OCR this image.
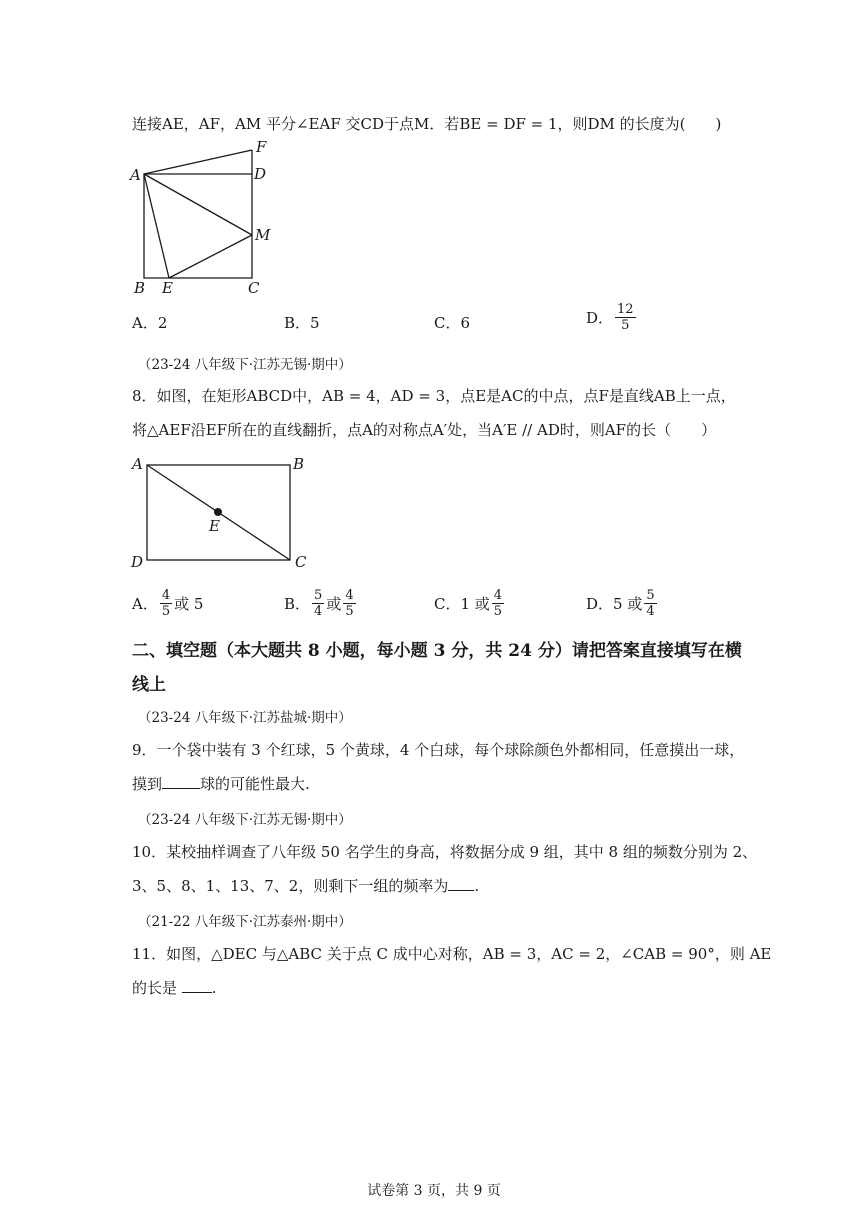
连接AE，AF，AM 平分∠EAF 交CD于点M．若BE = DF = 1，则DM 的长度为(　　)
A
F
D
M
B E	C
A． 2	B． 5	C． 6	D． $\frac{12}{5}$
（23-24 八年级下·江苏无锡·期中）
8．如图，在矩形ABCD中，AB = 4，AD = 3，点E是AC的中点，点F是直线AB上一点，
将△AEF沿EF所在的直线翻折，点A的对称点A′处，当A′E // AD时，则AF的长（　　）
A	B
E
D	C
A． $\frac{4}{5}$ 或 5	B． $\frac{5}{4}$ 或 $\frac{4}{5}$	C． 1 或 $\frac{4}{5}$	D． 5 或 $\frac{5}{4}$
二、填空题（本大题共 8 小题，每小题 3 分，共 24 分）请把答案直接填写在横
线上
（23-24 八年级下·江苏盐城·期中）
9．一个袋中装有 3 个红球，5 个黄球，4 个白球，每个球除颜色外都相同，任意摸出一球，
摸到	球的可能性最大.
（23-24 八年级下·江苏无锡·期中）
10．某校抽样调查了八年级 50 名学生的身高，将数据分成 9 组，其中 8 组的频数分别为 2、
3、5、8、1、13、7、2，则剩下一组的频率为 .
（21-22 八年级下·江苏泰州·期中）
11．如图，△DEC 与△ABC 关于点 C 成中心对称，AB = 3，AC = 2，∠CAB = 90°，则 AE
的长是 .
试卷第 3 页，共 9 页
